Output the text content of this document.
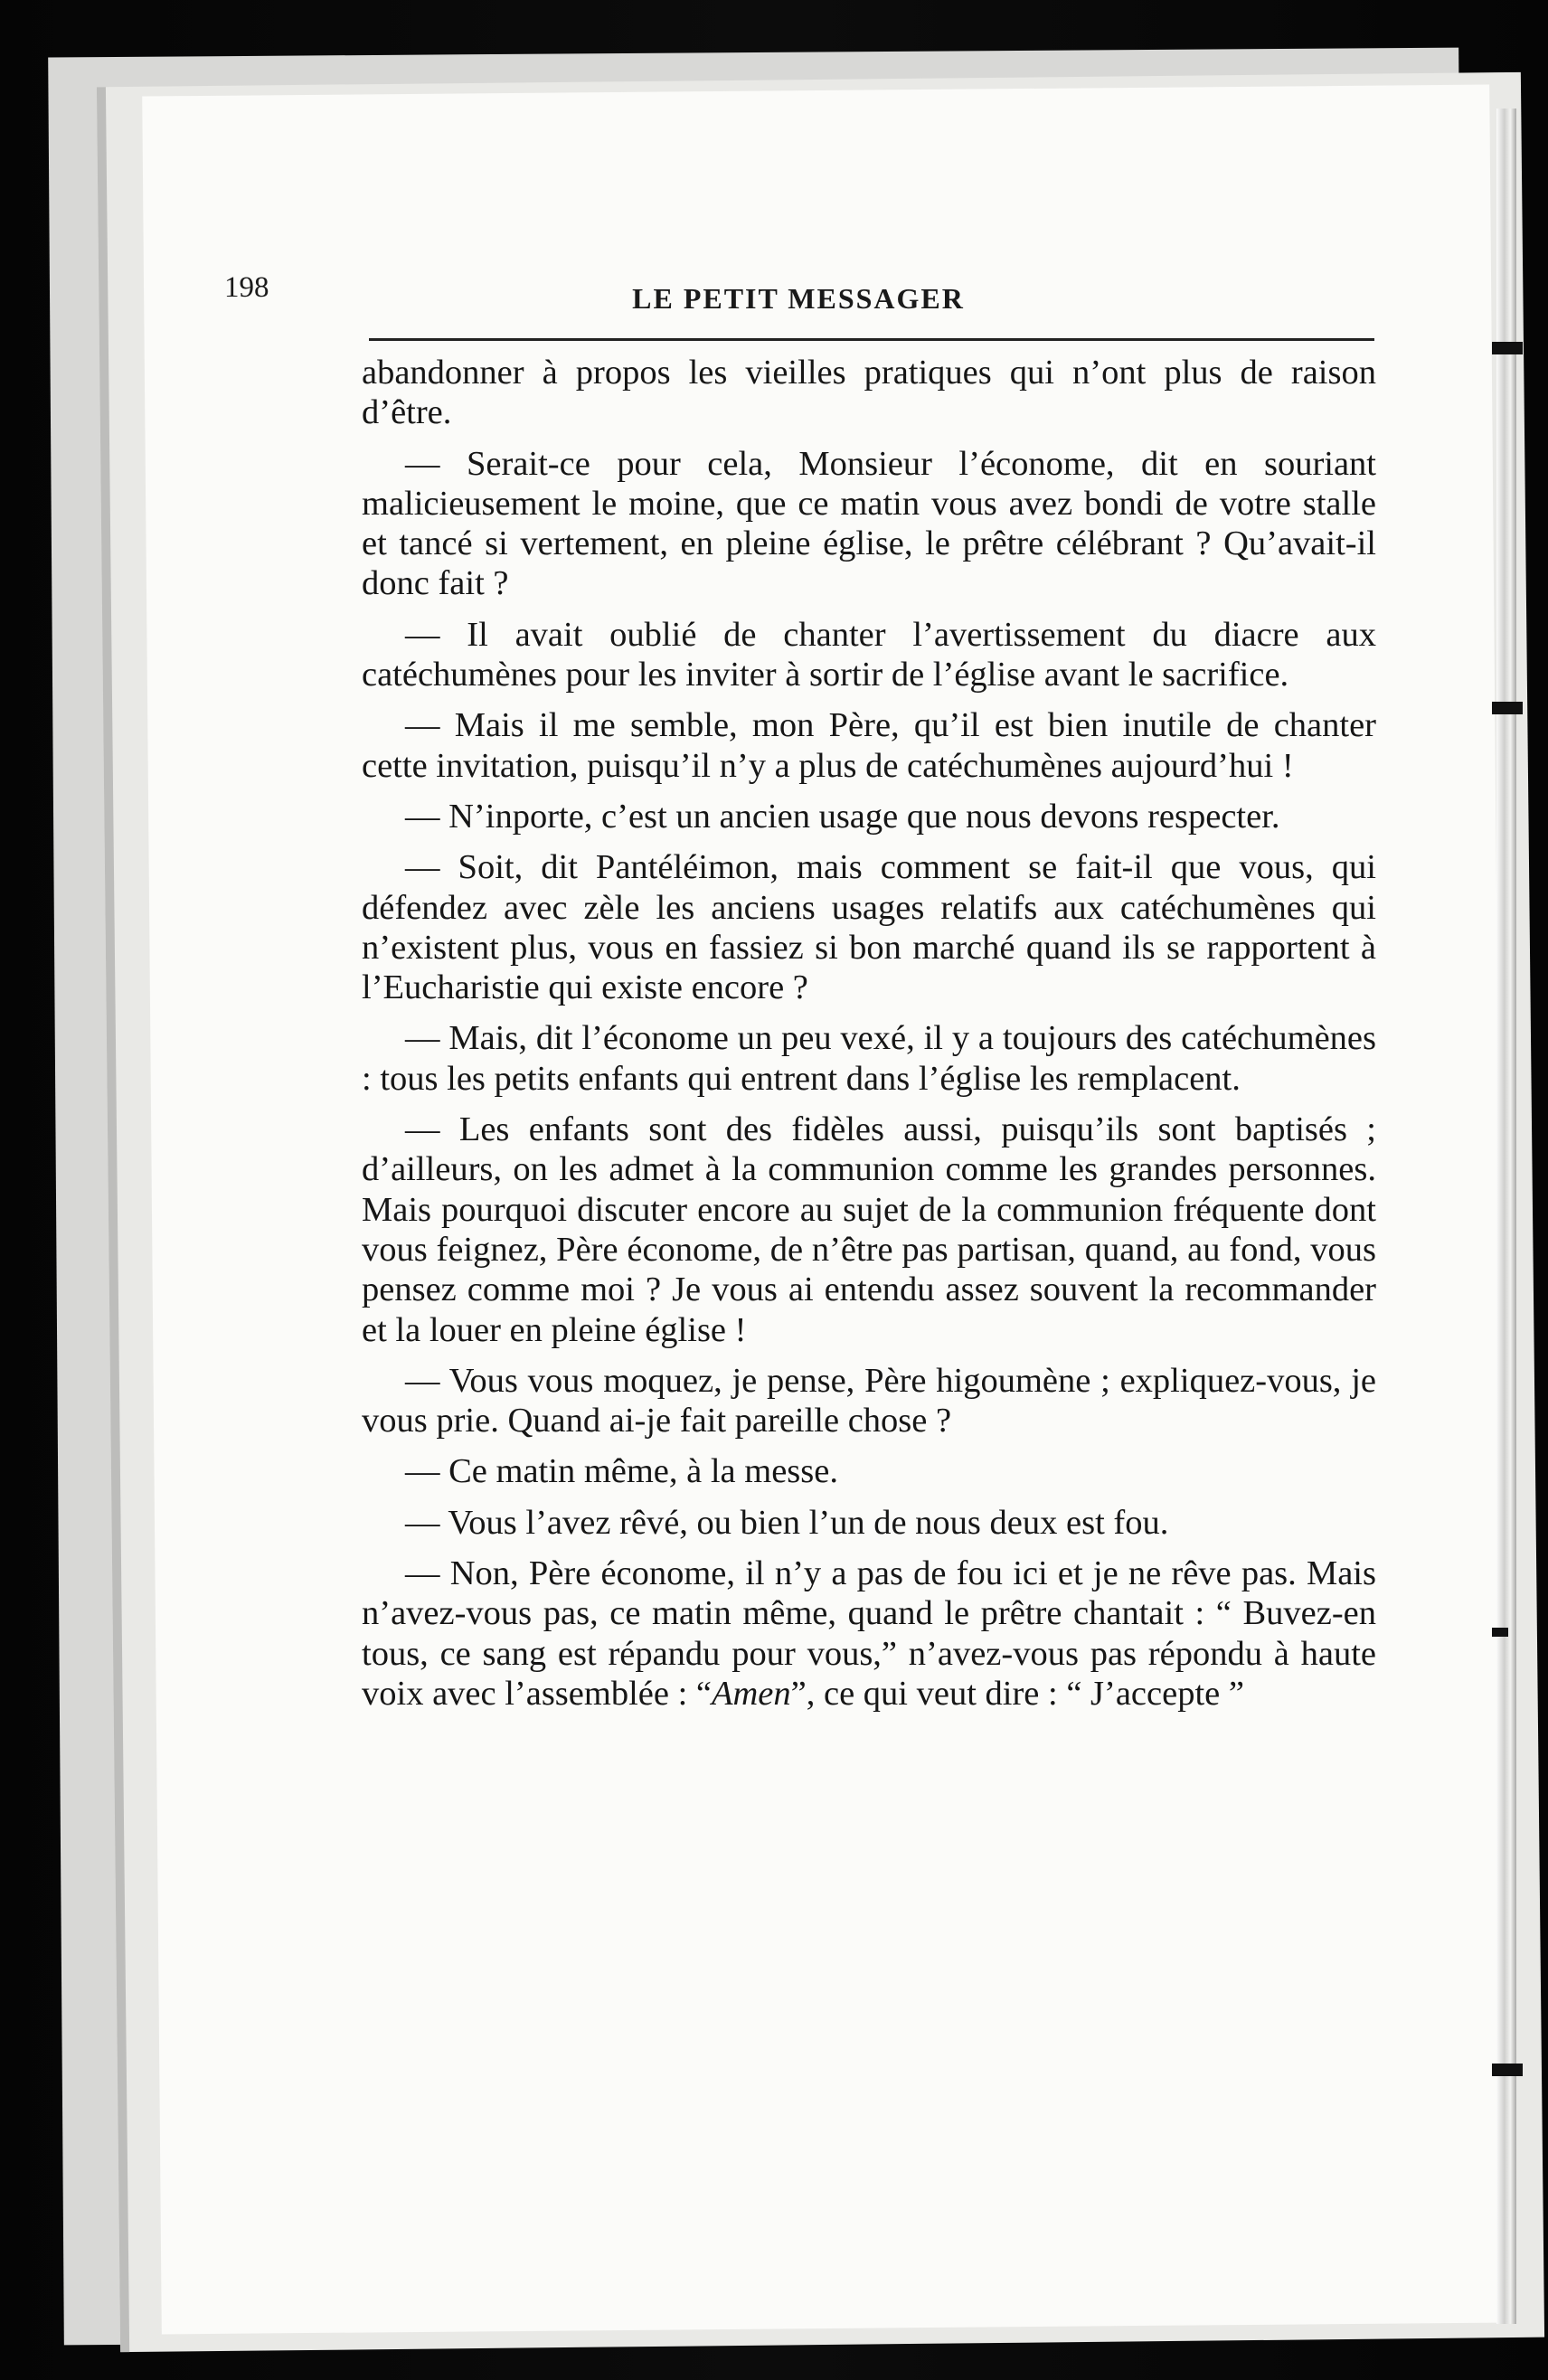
198	LE PETIT MESSAGER

abandonner à propos les vieilles pratiques qui n’ont plus de raison d’être.

— Serait-ce pour cela, Monsieur l’économe, dit en souriant malicieusement le moine, que ce matin vous avez bondi de votre stalle et tancé si vertement, en pleine église, le prêtre célébrant ? Qu’avait-il donc fait ?

— Il avait oublié de chanter l’avertissement du diacre aux catéchumènes pour les inviter à sortir de l’église avant le sacrifice.

— Mais il me semble, mon Père, qu’il est bien inutile de chanter cette invitation, puisqu’il n’y a plus de catéchumènes aujourd’hui !

— N’inporte, c’est un ancien usage que nous devons respecter.

— Soit, dit Pantéléimon, mais comment se fait-il que vous, qui défendez avec zèle les anciens usages relatifs aux catéchumènes qui n’existent plus, vous en fassiez si bon marché quand ils se rapportent à l’Eucharistie qui existe encore ?

— Mais, dit l’économe un peu vexé, il y a toujours des catéchumènes : tous les petits enfants qui entrent dans l’église les remplacent.

— Les enfants sont des fidèles aussi, puisqu’ils sont baptisés ; d’ailleurs, on les admet à la communion comme les grandes personnes. Mais pourquoi discuter encore au sujet de la communion fréquente dont vous feignez, Père économe, de n’être pas partisan, quand, au fond, vous pensez comme moi ? Je vous ai entendu assez souvent la recommander et la louer en pleine église !

— Vous vous moquez, je pense, Père higoumène ; expliquez-vous, je vous prie. Quand ai-je fait pareille chose ?

— Ce matin même, à la messe.

— Vous l’avez rêvé, ou bien l’un de nous deux est fou.

— Non, Père économe, il n’y a pas de fou ici et je ne rêve pas. Mais n’avez-vous pas, ce matin même, quand le prêtre chantait : “ Buvez-en tous, ce sang est répandu pour vous,” n’avez-vous pas répondu à haute voix avec l’assemblée : “Amen”, ce qui veut dire : “ J’accepte ”
